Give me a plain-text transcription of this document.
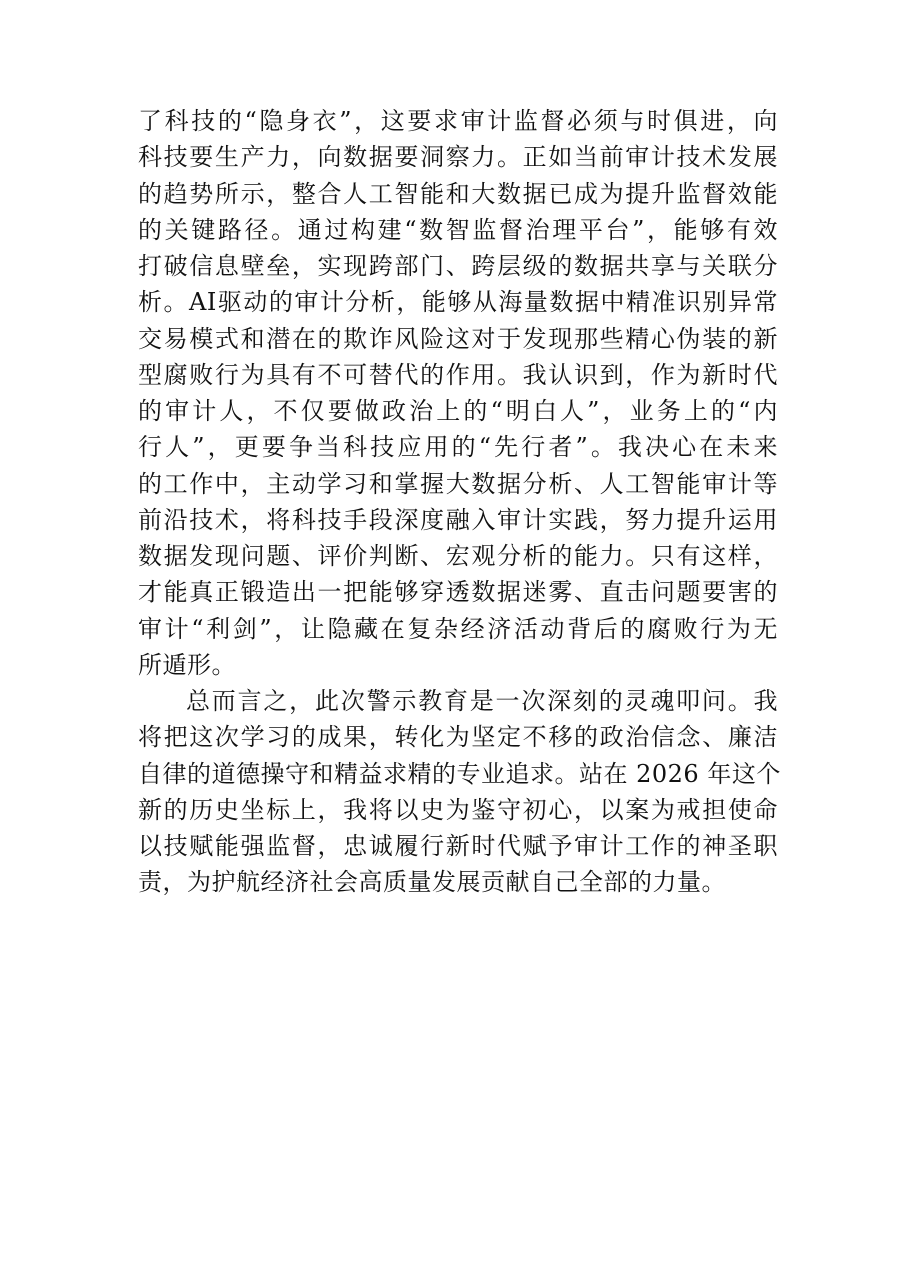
了科技的“隐身衣”，这要求审计监督必须与时俱进，向
科技要生产力，向数据要洞察力。正如当前审计技术发展
的趋势所示，整合人工智能和大数据已成为提升监督效能
的关键路径。通过构建“数智监督治理平台”，能够有效
打破信息壁垒，实现跨部门、跨层级的数据共享与关联分
析。AI驱动的审计分析，能够从海量数据中精准识别异常
交易模式和潜在的欺诈风险这对于发现那些精心伪装的新
型腐败行为具有不可替代的作用。我认识到，作为新时代
的审计人，不仅要做政治上的“明白人”，业务上的“内
行人”，更要争当科技应用的“先行者”。我决心在未来
的工作中，主动学习和掌握大数据分析、人工智能审计等
前沿技术，将科技手段深度融入审计实践，努力提升运用
数据发现问题、评价判断、宏观分析的能力。只有这样，
才能真正锻造出一把能够穿透数据迷雾、直击问题要害的
审计“利剑”，让隐藏在复杂经济活动背后的腐败行为无
所遁形。
总而言之，此次警示教育是一次深刻的灵魂叩问。我
将把这次学习的成果，转化为坚定不移的政治信念、廉洁
自律的道德操守和精益求精的专业追求。站在 2026 年这个
新的历史坐标上，我将以史为鉴守初心，以案为戒担使命
以技赋能强监督，忠诚履行新时代赋予审计工作的神圣职
责，为护航经济社会高质量发展贡献自己全部的力量。
